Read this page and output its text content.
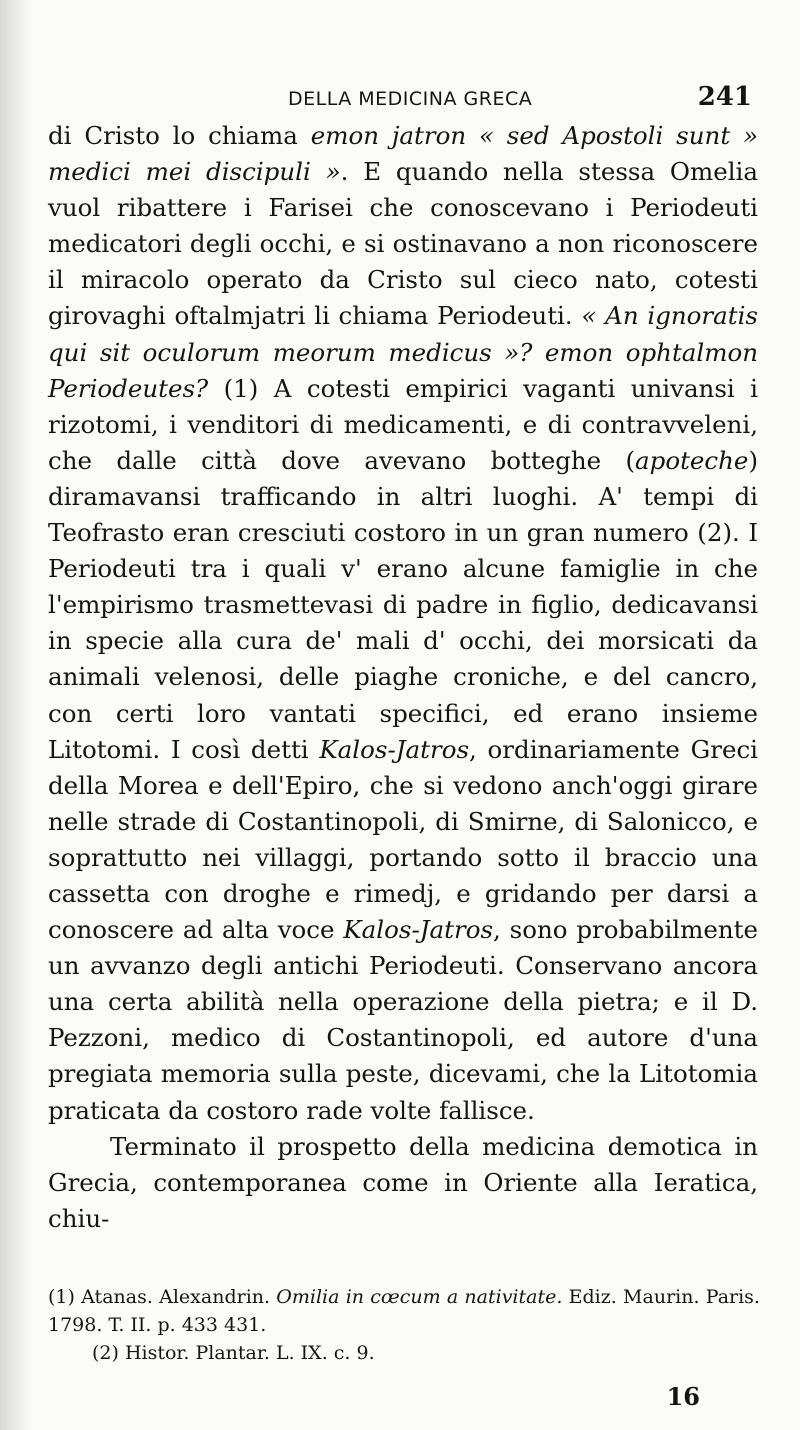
DELLA MEDICINA GRECA	241

di Cristo lo chiama emon jatron « sed Apostoli sunt » medici mei discipuli ». E quando nella stessa Omelia vuol ribattere i Farisei che conoscevano i Periodeuti medicatori degli occhi, e si ostinavano a non riconoscere il miracolo operato da Cristo sul cieco nato, cotesti girovaghi oftalmjatri li chiama Periodeuti. « An ignoratis qui sit oculorum meorum medicus »? emon ophtalmon Periodeutes? (1) A cotesti empirici vaganti univansi i rizotomi, i venditori di medicamenti, e di contravveleni, che dalle città dove avevano botteghe (apoteche) diramavansi trafficando in altri luoghi. A' tempi di Teofrasto eran cresciuti costoro in un gran numero (2). I Periodeuti tra i quali v' erano alcune famiglie in che l'empirismo trasmettevasi di padre in figlio, dedicavansi in specie alla cura de' mali d' occhi, dei morsicati da animali velenosi, delle piaghe croniche, e del cancro, con certi loro vantati specifici, ed erano insieme Litotomi. I così detti Kalos-Jatros, ordinariamente Greci della Morea e dell'Epiro, che si vedono anch'oggi girare nelle strade di Costantinopoli, di Smirne, di Salonicco, e soprattutto nei villaggi, portando sotto il braccio una cassetta con droghe e rimedj, e gridando per darsi a conoscere ad alta voce Kalos-Jatros, sono probabilmente un avvanzo degli antichi Periodeuti. Conservano ancora una certa abilità nella operazione della pietra; e il D. Pezzoni, medico di Costantinopoli, ed autore d'una pregiata memoria sulla peste, dicevami, che la Litotomia praticata da costoro rade volte fallisce.

Terminato il prospetto della medicina demotica in Grecia, contemporanea come in Oriente alla Ieratica, chiu-

(1) Atanas. Alexandrin. Omilia in cœcum a nativitate. Ediz. Maurin. Paris. 1798. T. II. p. 433 431.

(2) Histor. Plantar. L. IX. c. 9.

16
